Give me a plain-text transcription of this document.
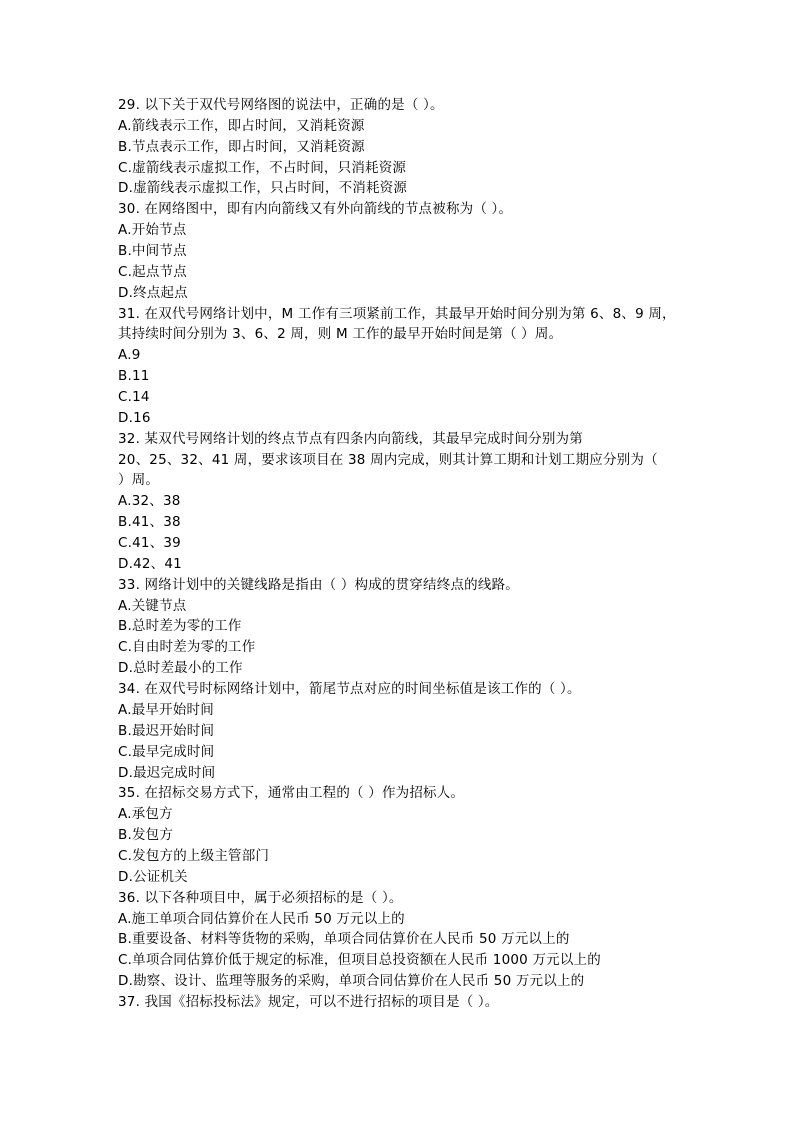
29. 以下关于双代号网络图的说法中，正确的是（ ）。
A.箭线表示工作，即占时间，又消耗资源
B.节点表示工作，即占时间，又消耗资源
C.虚箭线表示虚拟工作，不占时间，只消耗资源
D.虚箭线表示虚拟工作，只占时间，不消耗资源
30. 在网络图中，即有内向箭线又有外向箭线的节点被称为（ ）。
A.开始节点
B.中间节点
C.起点节点
D.终点起点
31. 在双代号网络计划中，M 工作有三项紧前工作，其最早开始时间分别为第 6、8、9 周，
其持续时间分别为 3、6、2 周，则 M 工作的最早开始时间是第（ ）周。
A.9
B.11
C.14
D.16
32. 某双代号网络计划的终点节点有四条内向箭线，其最早完成时间分别为第
20、25、32、41 周，要求该项目在 38 周内完成，则其计算工期和计划工期应分别为（
）周。
A.32、38
B.41、38
C.41、39
D.42、41
33. 网络计划中的关键线路是指由（ ）构成的贯穿结终点的线路。
A.关键节点
B.总时差为零的工作
C.自由时差为零的工作
D.总时差最小的工作
34. 在双代号时标网络计划中，箭尾节点对应的时间坐标值是该工作的（ ）。
A.最早开始时间
B.最迟开始时间
C.最早完成时间
D.最迟完成时间
35. 在招标交易方式下，通常由工程的（ ）作为招标人。
A.承包方
B.发包方
C.发包方的上级主管部门
D.公证机关
36. 以下各种项目中，属于必须招标的是（ ）。
A.施工单项合同估算价在人民币 50 万元以上的
B.重要设备、材料等货物的采购，单项合同估算价在人民币 50 万元以上的
C.单项合同估算价低于规定的标准，但项目总投资额在人民币 1000 万元以上的
D.勘察、设计、监理等服务的采购，单项合同估算价在人民币 50 万元以上的
37. 我国《招标投标法》规定，可以不进行招标的项目是（ ）。
